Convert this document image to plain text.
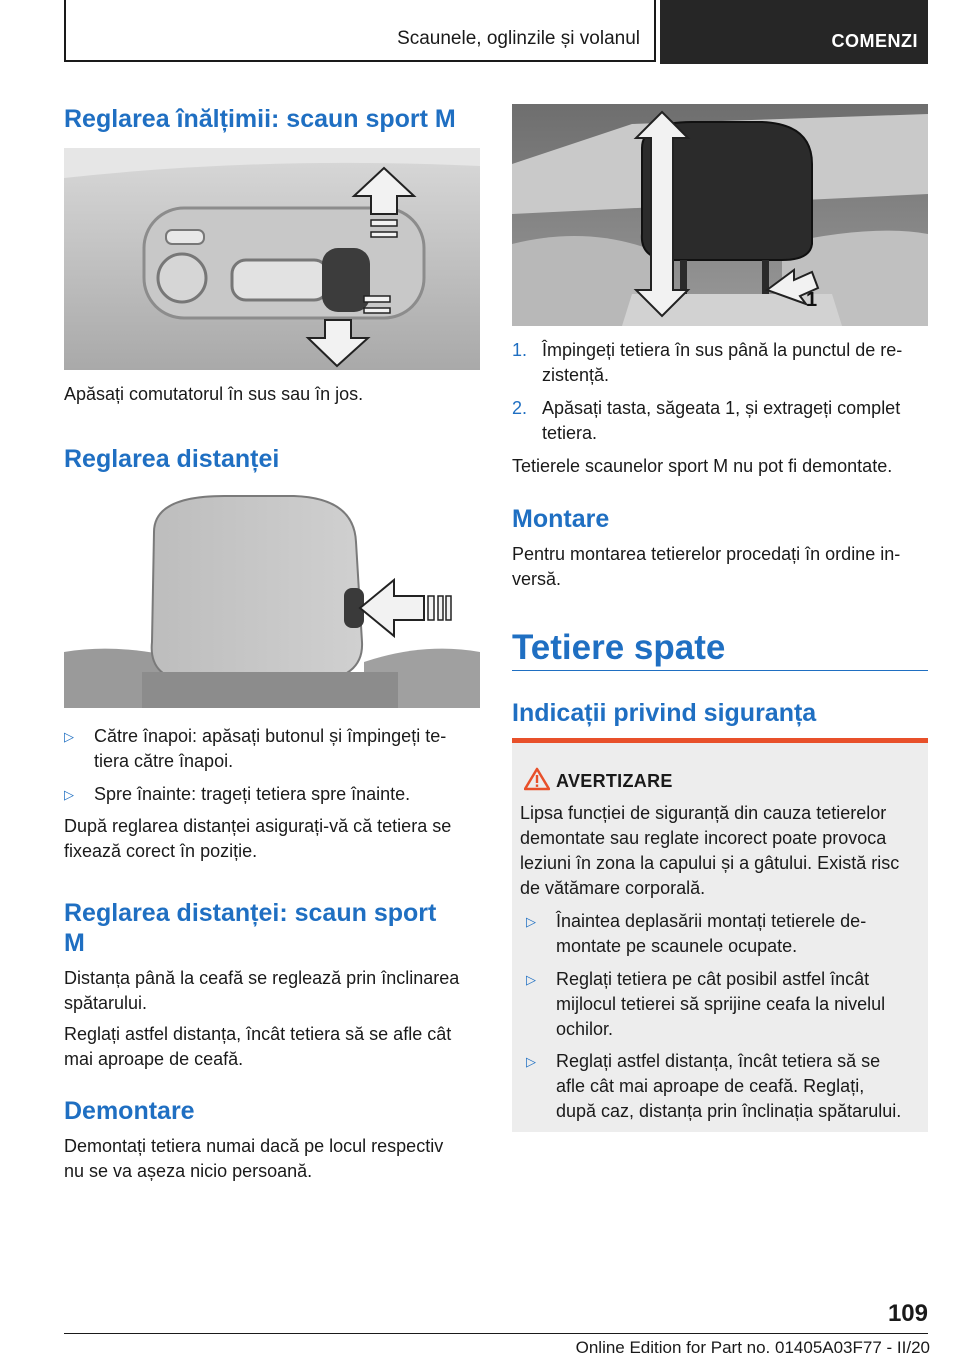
Scaunele, oglinzile și volanul	COMENZI
Reglarea înălțimii: scaun sport M
Apăsați comutatorul în sus sau în jos.
Reglarea distanței
▷ Către înapoi: apăsați butonul și împingeți te-
tiera către înapoi.
▷ Spre înainte: trageți tetiera spre înainte.
După reglarea distanței asigurați-vă că tetiera se
fixează corect în poziție.
Reglarea distanței: scaun sport
M
Distanța până la ceafă se reglează prin înclinarea
spătarului.
Reglați astfel distanța, încât tetiera să se afle cât
mai aproape de ceafă.
Demontare
Demontați tetiera numai dacă pe locul respectiv
nu se va așeza nicio persoană.
1
1. Împingeți tetiera în sus până la punctul de re-
zistență.
2. Apăsați tasta, săgeata 1, și extrageți complet
tetiera.
Tetierele scaunelor sport M nu pot fi demontate.
Montare
Pentru montarea tetierelor procedați în ordine in-
versă.
Tetiere spate
Indicații privind siguranța
AVERTIZARE
Lipsa funcției de siguranță din cauza tetierelor
demontate sau reglate incorect poate provoca
leziuni în zona la capului și a gâtului. Există risc
de vătămare corporală.
▷ Înaintea deplasării montați tetierele de-
montate pe scaunele ocupate.
▷ Reglați tetiera pe cât posibil astfel încât
mijlocul tetierei să sprijine ceafa la nivelul
ochilor.
▷ Reglați astfel distanța, încât tetiera să se
afle cât mai aproape de ceafă. Reglați,
după caz, distanța prin înclinația spătarului.
109
Online Edition for Part no. 01405A03F77 - II/20
